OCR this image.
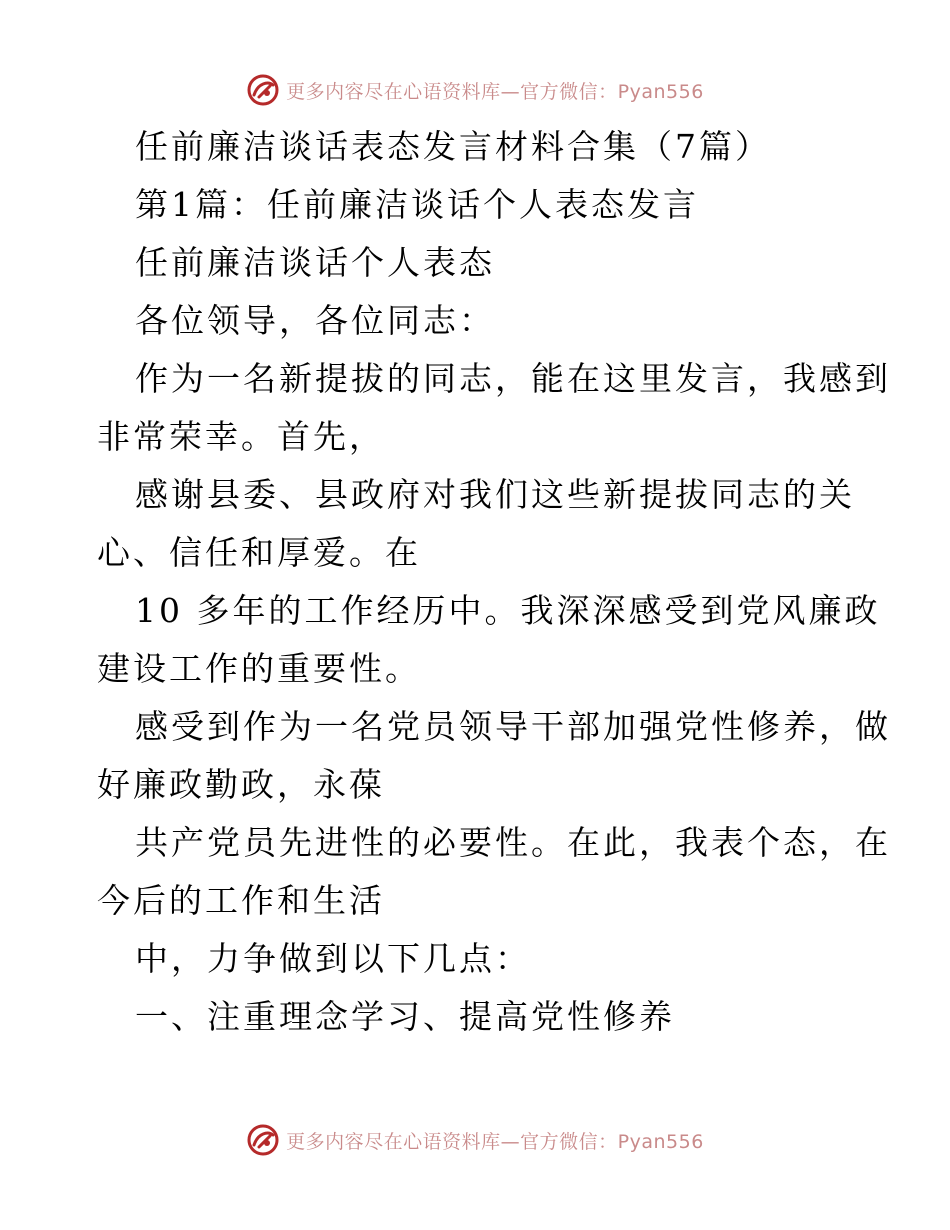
更多内容尽在心语资料库—官方微信：Pyan556
任前廉洁谈话表态发言材料合集（7篇）
第1篇：任前廉洁谈话个人表态发言
任前廉洁谈话个人表态
各位领导，各位同志：
作为一名新提拔的同志，能在这里发言，我感到
非常荣幸。首先，
感谢县委、县政府对我们这些新提拔同志的关
心、信任和厚爱。在
10 多年的工作经历中。我深深感受到党风廉政
建设工作的重要性。
感受到作为一名党员领导干部加强党性修养，做
好廉政勤政，永葆
共产党员先进性的必要性。在此，我表个态，在
今后的工作和生活
中，力争做到以下几点：
一、注重理念学习、提高党性修养
更多内容尽在心语资料库—官方微信：Pyan556
